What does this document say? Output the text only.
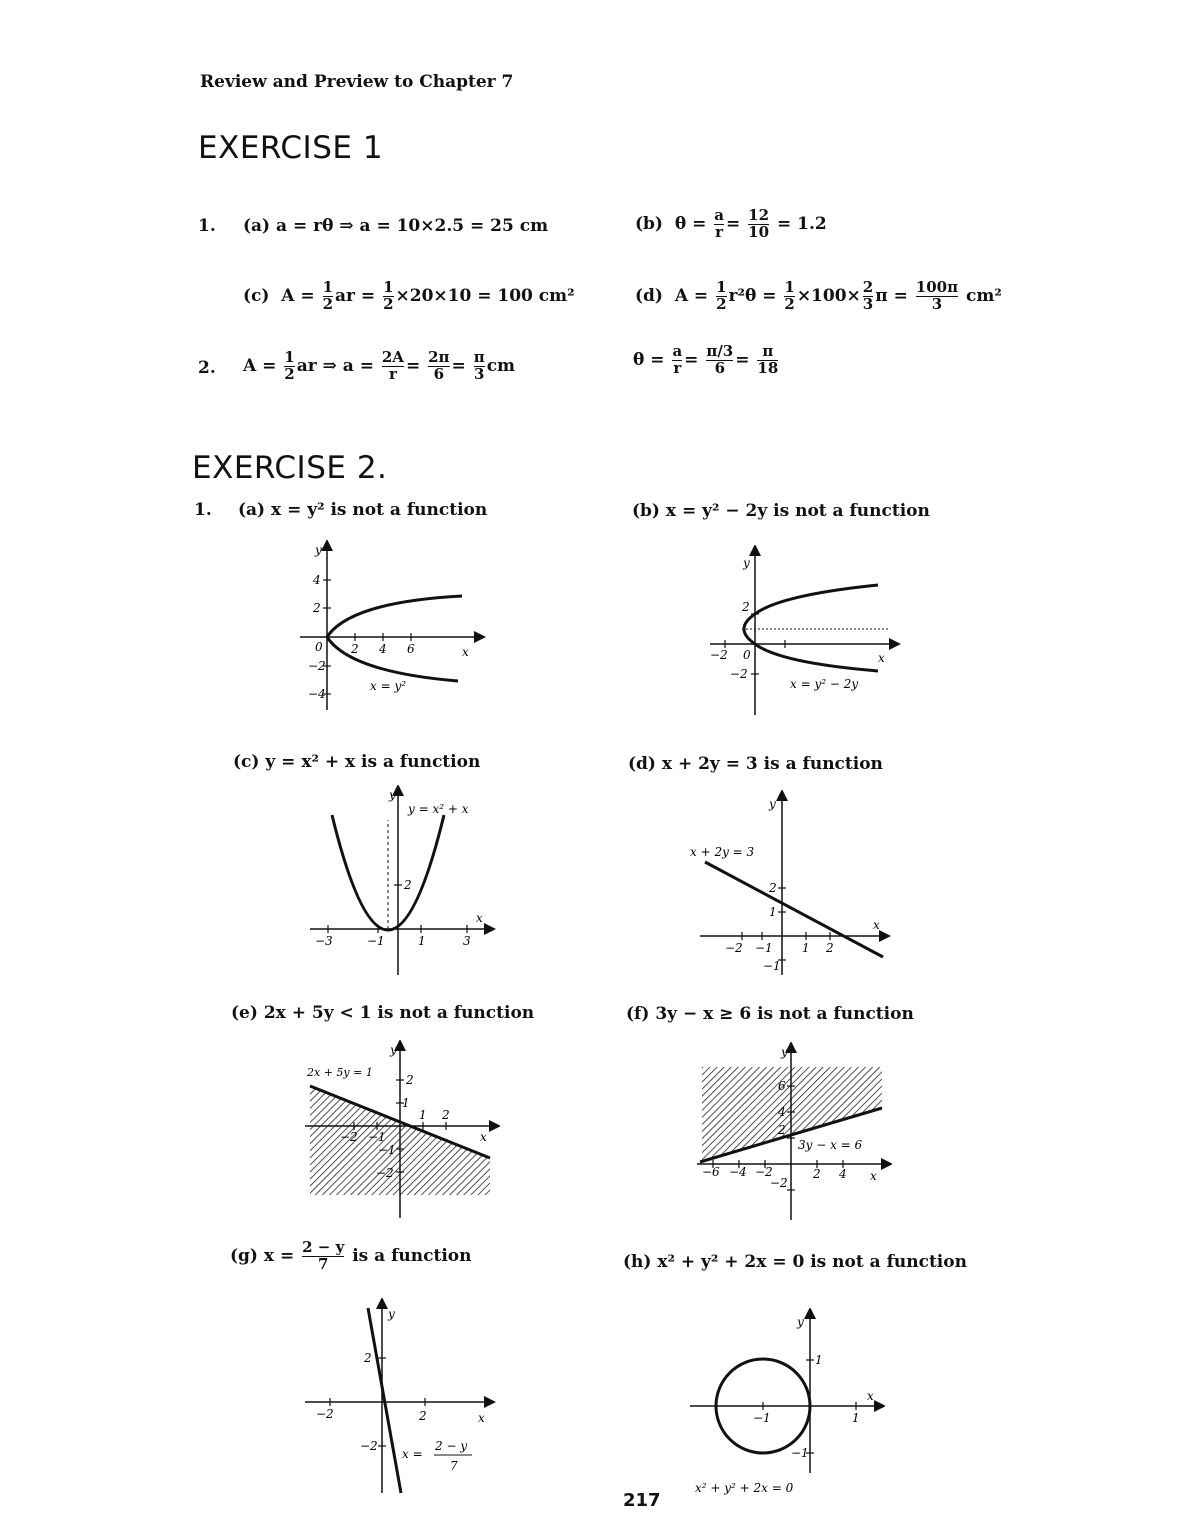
Review and Preview to Chapter 7
EXERCISE 1
1. (a) a = rθ ⇒ a = 10×2.5 = 25 cm	(b) $\theta = \frac{a}{r} = \frac{12}{10} = 1.2$
(c) $A = \frac{1}{2}$ ar = $\frac{1}{2} \times 20\times 10 = 100$ cm²	(d) $A = \frac{1}{2} r^2\theta = \frac{1}{2} \times 100\times \frac{2}{3}$ $\pi = \frac{100\pi}{3} cm^2$
2. $A = \frac{1}{2}$ ar ⇒ $a = \frac{2A}{r} = \frac{2\pi}{6} = \frac{\pi}{3}$ cm	$\theta = \frac{a}{r} = \frac{\pi/3}{6} = \frac{\pi}{18}$
EXERCISE 2.
1. (a) x = y² is not a function	(b) x = y² − 2y is not a function
(c) y = x² + x is a function	(d) x + 2y = 3 is a function
(e) 2x + 5y < 1 is not a function	(f) 3y − x ≥ 6 is not a function
(g) $x = \frac{2 - y}{7}$ is a function	(h) x² + y² + 2x = 0 is not a function
y
x
4
2
0
−2
−4
2 4 6
x = y²
y
x
2
−2 0
−2
x = y² − 2y
y
x
y = x² + x
2
−3	−1	1	3
y
x
x + 2y = 3
2
1
−2 −1 1 2
−1
y
x
2x + 5y = 1
2
1
−2 −1
1 2
−1
−2
y
x
3y − x = 6
6
4
2
−6 −4 −2	2 4
−2
y
x
2
−2	2
−2
x =
2 − y
7
y
x
1
−1	1
−1
x² + y² + 2x = 0
217
